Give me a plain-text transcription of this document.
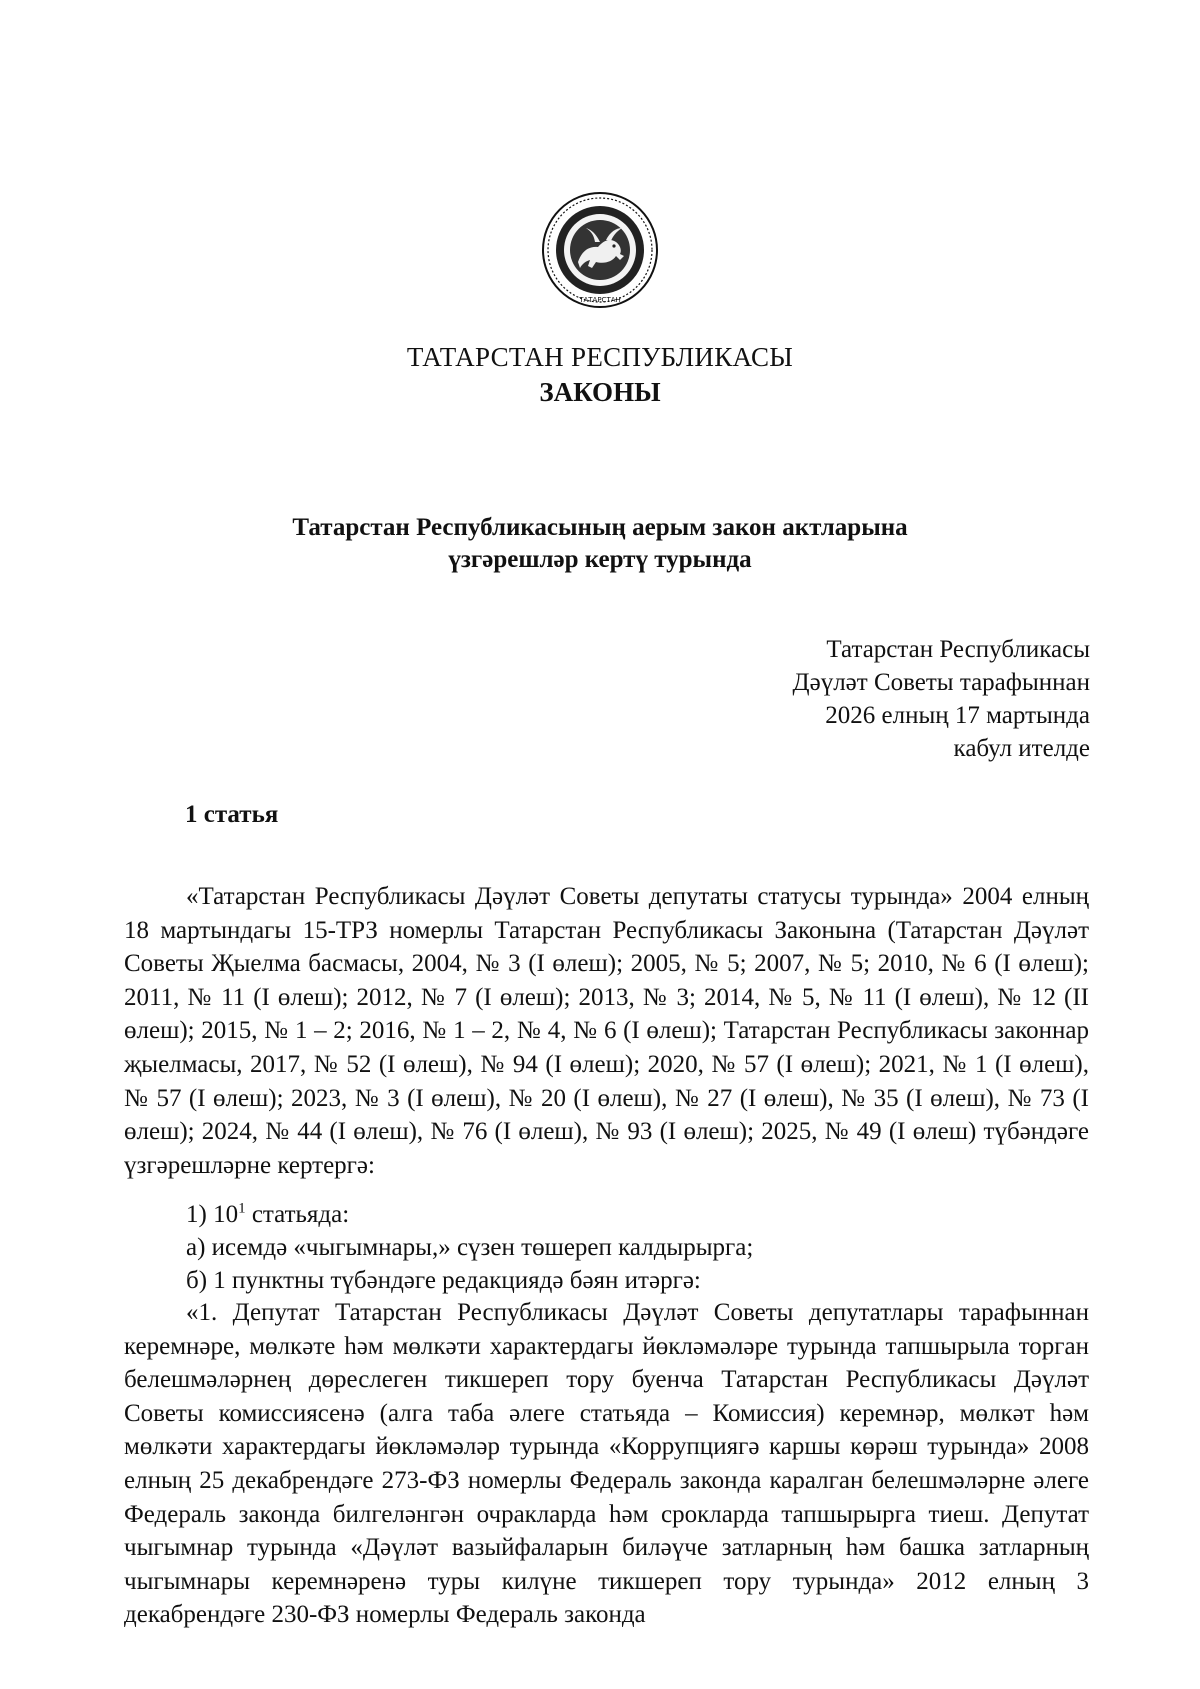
ТАТАРСТАН
ТАТАРСТАН РЕСПУБЛИКАСЫ
ЗАКОНЫ
Татарстан Республикасының аерым закон актларына
үзгәрешләр кертү турында
Татарстан Республикасы
Дәүләт Советы тарафыннан
2026 елның 17 мартында
кабул ителде
1 статья

«Татарстан Республикасы Дәүләт Советы депутаты статусы турында» 2004 елның 18 мартындагы 15-ТРЗ номерлы Татарстан Республикасы Законына (Татарстан Дәүләт Советы Җыелма басмасы, 2004, № 3 (I өлеш); 2005, № 5; 2007, № 5; 2010, № 6 (I өлеш); 2011, № 11 (I өлеш); 2012, № 7 (I өлеш); 2013, № 3; 2014, № 5, № 11 (I өлеш), № 12 (II өлеш); 2015, № 1 – 2; 2016, № 1 – 2, № 4, № 6 (I өлеш); Татарстан Республикасы законнар җыелмасы, 2017, № 52 (I өлеш), № 94 (I өлеш); 2020, № 57 (I өлеш); 2021, № 1 (I өлеш), № 57 (I өлеш); 2023, № 3 (I өлеш), № 20 (I өлеш), № 27 (I өлеш), № 35 (I өлеш), № 73 (I өлеш); 2024, № 44 (I өлеш), № 76 (I өлеш), № 93 (I өлеш); 2025, № 49 (I өлеш) түбәндәге үзгәрешләрне кертергә:

1) $10^1$ статьяда:
а) исемдә «чыгымнары,» сүзен төшереп калдырырга;
б) 1 пунктны түбәндәге редакциядә бәян итәргә:

«1. Депутат Татарстан Республикасы Дәүләт Советы депутатлары тарафыннан керемнәре, мөлкәте һәм мөлкәти характердагы йөкләмәләре турында тапшырыла торган белешмәләрнең дөреслеген тикшереп тору буенча Татарстан Республикасы Дәүләт Советы комиссиясенә (алга таба әлеге статьяда – Комиссия) керемнәр, мөлкәт һәм мөлкәти характердагы йөкләмәләр турында «Коррупциягә каршы көрәш турында» 2008 елның 25 декабрендәге 273-ФЗ номерлы Федераль законда каралган белешмәләрне әлеге Федераль законда билгеләнгән очракларда һәм срокларда тапшырырга тиеш. Депутат чыгымнар турында «Дәүләт вазыйфаларын биләүче затларның һәм башка затларның чыгымнары керемнәренә туры килүне тикшереп тору турында» 2012 елның 3 декабрендәге 230-ФЗ номерлы Федераль законда
